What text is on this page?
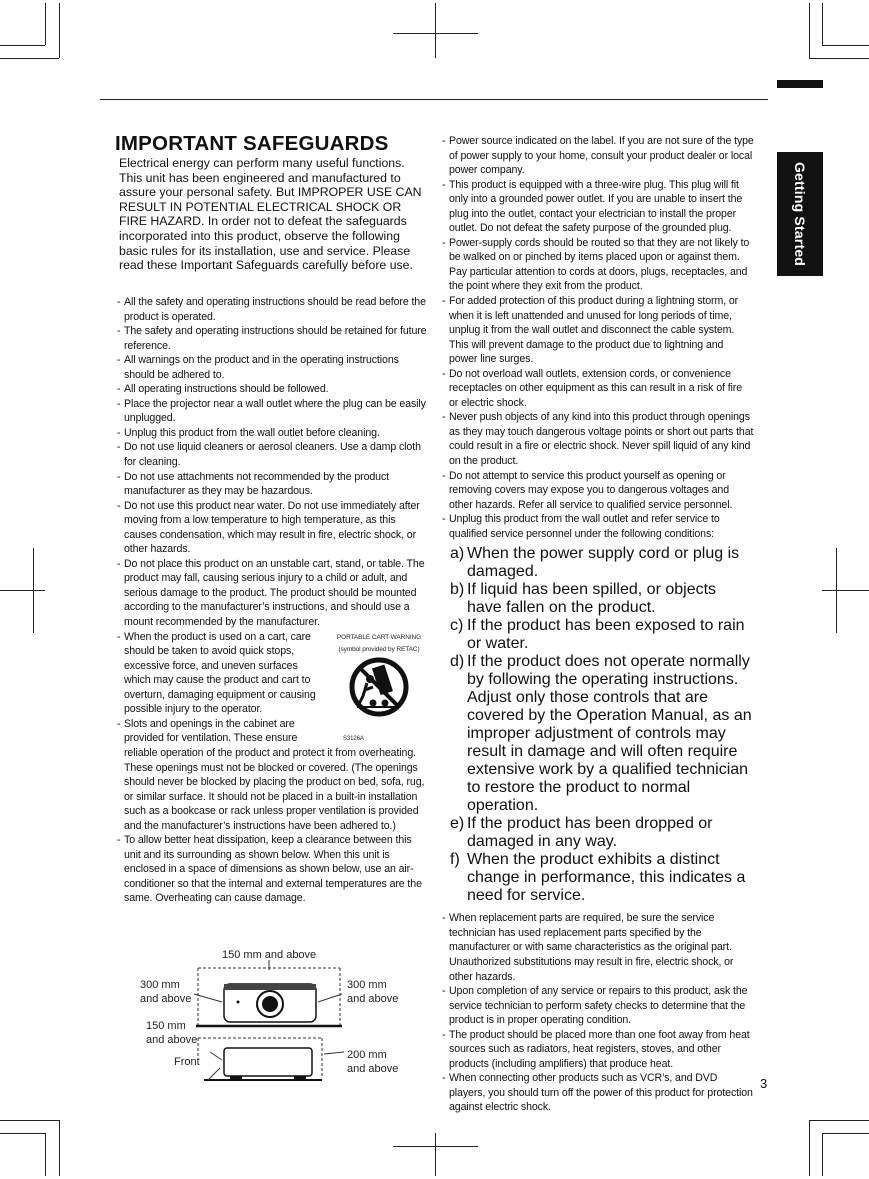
Getting Started
IMPORTANT SAFEGUARDS
Electrical energy can perform many useful functions. This unit has been engineered and manufactured to assure your personal safety. But IMPROPER USE CAN RESULT IN POTENTIAL ELECTRICAL SHOCK OR FIRE HAZARD. In order not to defeat the safeguards incorporated into this product, observe the following basic rules for its installation, use and service. Please read these Important Safeguards carefully before use.
- All the safety and operating instructions should be read before the product is operated.
- The safety and operating instructions should be retained for future reference.
- All warnings on the product and in the operating instructions should be adhered to.
- All operating instructions should be followed.
- Place the projector near a wall outlet where the plug can be easily unplugged.
- Unplug this product from the wall outlet before cleaning.
- Do not use liquid cleaners or aerosol cleaners. Use a damp cloth for cleaning.
- Do not use attachments not recommended by the product manufacturer as they may be hazardous.
- Do not use this product near water. Do not use immediately after moving from a low temperature to high temperature, as this causes condensation, which may result in fire, electric shock, or other hazards.
- Do not place this product on an unstable cart, stand, or table. The product may fall, causing serious injury to a child or adult, and serious damage to the product. The product should be mounted according to the manufacturer’s instructions, and should use a mount recommended by the manufacturer.
- PORTABLE CART WARNING
(symbol provided by RETAC)
S3126A
When the product is used on a cart, care should be taken to avoid quick stops, excessive force, and uneven surfaces which may cause the product and cart to overturn, damaging equipment or causing possible injury to the operator.
- Slots and openings in the cabinet are provided for ventilation. These ensure reliable operation of the product and protect it from overheating. These openings must not be blocked or covered. (The openings should never be blocked by placing the product on bed, sofa, rug, or similar surface. It should not be placed in a built-in installation such as a bookcase or rack unless proper ventilation is provided and the manufacturer’s instructions have been adhered to.)
- To allow better heat dissipation, keep a clearance between this unit and its surrounding as shown below. When this unit is enclosed in a space of dimensions as shown below, use an air-conditioner so that the internal and external temperatures are the same. Overheating can cause damage.
150 mm and above
300 mm
and above
300 mm
and above
150 mm
and above
Front
200 mm
and above
- Power source indicated on the label. If you are not sure of the type of power supply to your home, consult your product dealer or local power company.
- This product is equipped with a three-wire plug. This plug will fit only into a grounded power outlet. If you are unable to insert the plug into the outlet, contact your electrician to install the proper outlet. Do not defeat the safety purpose of the grounded plug.
- Power-supply cords should be routed so that they are not likely to be walked on or pinched by items placed upon or against them. Pay particular attention to cords at doors, plugs, receptacles, and the point where they exit from the product.
- For added protection of this product during a lightning storm, or when it is left unattended and unused for long periods of time, unplug it from the wall outlet and disconnect the cable system. This will prevent damage to the product due to lightning and power line surges.
- Do not overload wall outlets, extension cords, or convenience receptacles on other equipment as this can result in a risk of fire or electric shock.
- Never push objects of any kind into this product through openings as they may touch dangerous voltage points or short out parts that could result in a fire or electric shock. Never spill liquid of any kind on the product.
- Do not attempt to service this product yourself as opening or removing covers may expose you to dangerous voltages and other hazards. Refer all service to qualified service personnel.
- Unplug this product from the wall outlet and refer service to qualified service personnel under the following conditions:
a) When the power supply cord or plug is damaged.
b) If liquid has been spilled, or objects have fallen on the product.
c) If the product has been exposed to rain or water.
d) If the product does not operate normally by following the operating instructions. Adjust only those controls that are covered by the Operation Manual, as an improper adjustment of controls may result in damage and will often require extensive work by a qualified technician to restore the product to normal operation.
e) If the product has been dropped or damaged in any way.
f) When the product exhibits a distinct change in performance, this indicates a need for service.
- When replacement parts are required, be sure the service technician has used replacement parts specified by the manufacturer or with same characteristics as the original part. Unauthorized substitutions may result in fire, electric shock, or other hazards.
- Upon completion of any service or repairs to this product, ask the service technician to perform safety checks to determine that the product is in proper operating condition.
- The product should be placed more than one foot away from heat sources such as radiators, heat registers, stoves, and other products (including amplifiers) that produce heat.
- When connecting other products such as VCR’s, and DVD players, you should turn off the power of this product for protection against electric shock.
3
